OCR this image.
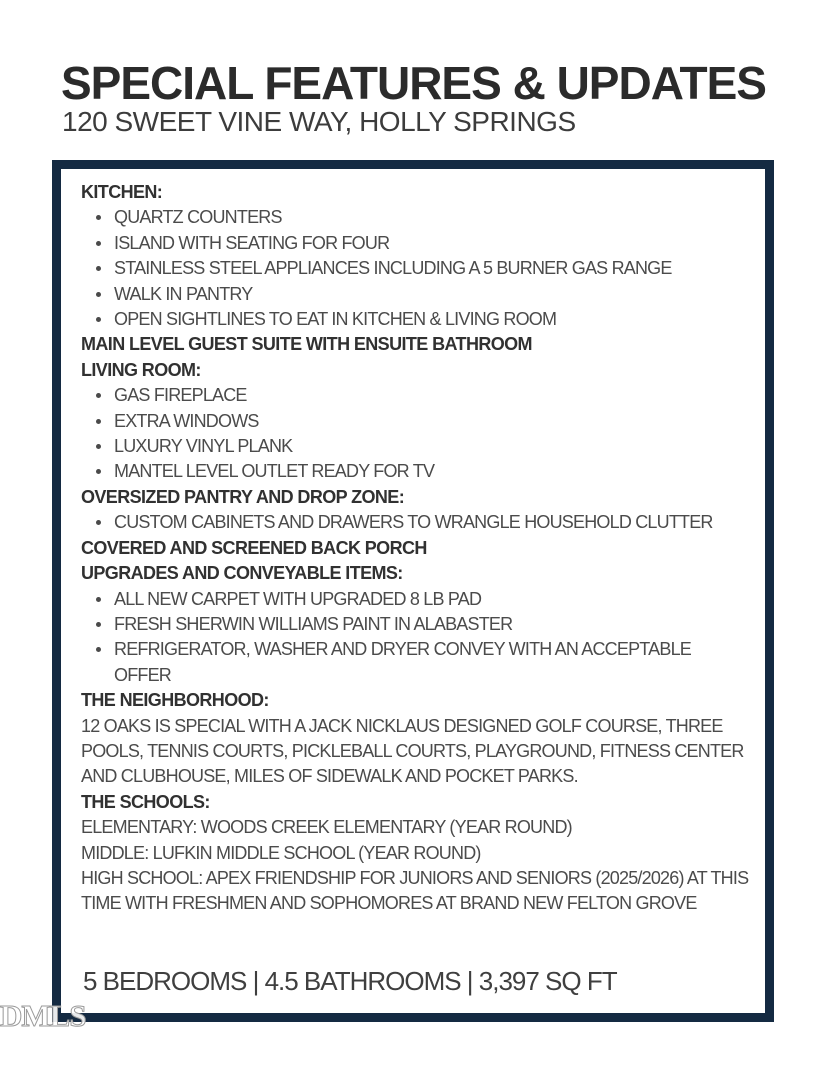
SPECIAL FEATURES & UPDATES
120 SWEET VINE WAY, HOLLY SPRINGS
KITCHEN:
QUARTZ COUNTERS
ISLAND WITH SEATING FOR FOUR
STAINLESS STEEL APPLIANCES INCLUDING A 5 BURNER GAS RANGE
WALK IN PANTRY
OPEN SIGHTLINES TO EAT IN KITCHEN & LIVING ROOM
MAIN LEVEL GUEST SUITE WITH ENSUITE BATHROOM
LIVING ROOM:
GAS FIREPLACE
EXTRA WINDOWS
LUXURY VINYL PLANK
MANTEL LEVEL OUTLET READY FOR TV
OVERSIZED PANTRY AND DROP ZONE:
CUSTOM CABINETS AND DRAWERS TO WRANGLE HOUSEHOLD CLUTTER
COVERED AND SCREENED BACK PORCH
UPGRADES AND CONVEYABLE ITEMS:
ALL NEW CARPET WITH UPGRADED 8 LB PAD
FRESH SHERWIN WILLIAMS PAINT IN ALABASTER
REFRIGERATOR, WASHER AND DRYER CONVEY WITH AN ACCEPTABLE OFFER
THE NEIGHBORHOOD:
12 OAKS IS SPECIAL WITH A JACK NICKLAUS DESIGNED GOLF COURSE, THREE POOLS, TENNIS COURTS, PICKLEBALL COURTS, PLAYGROUND, FITNESS CENTER AND CLUBHOUSE, MILES OF SIDEWALK AND POCKET PARKS.
THE SCHOOLS:
ELEMENTARY: WOODS CREEK ELEMENTARY (YEAR ROUND)
MIDDLE: LUFKIN MIDDLE SCHOOL (YEAR ROUND)
HIGH SCHOOL: APEX FRIENDSHIP FOR JUNIORS AND SENIORS (2025/2026) AT THIS TIME WITH FRESHMEN AND SOPHOMORES AT BRAND NEW FELTON GROVE
5 BEDROOMS | 4.5 BATHROOMS | 3,397 SQ FT
DMLS
